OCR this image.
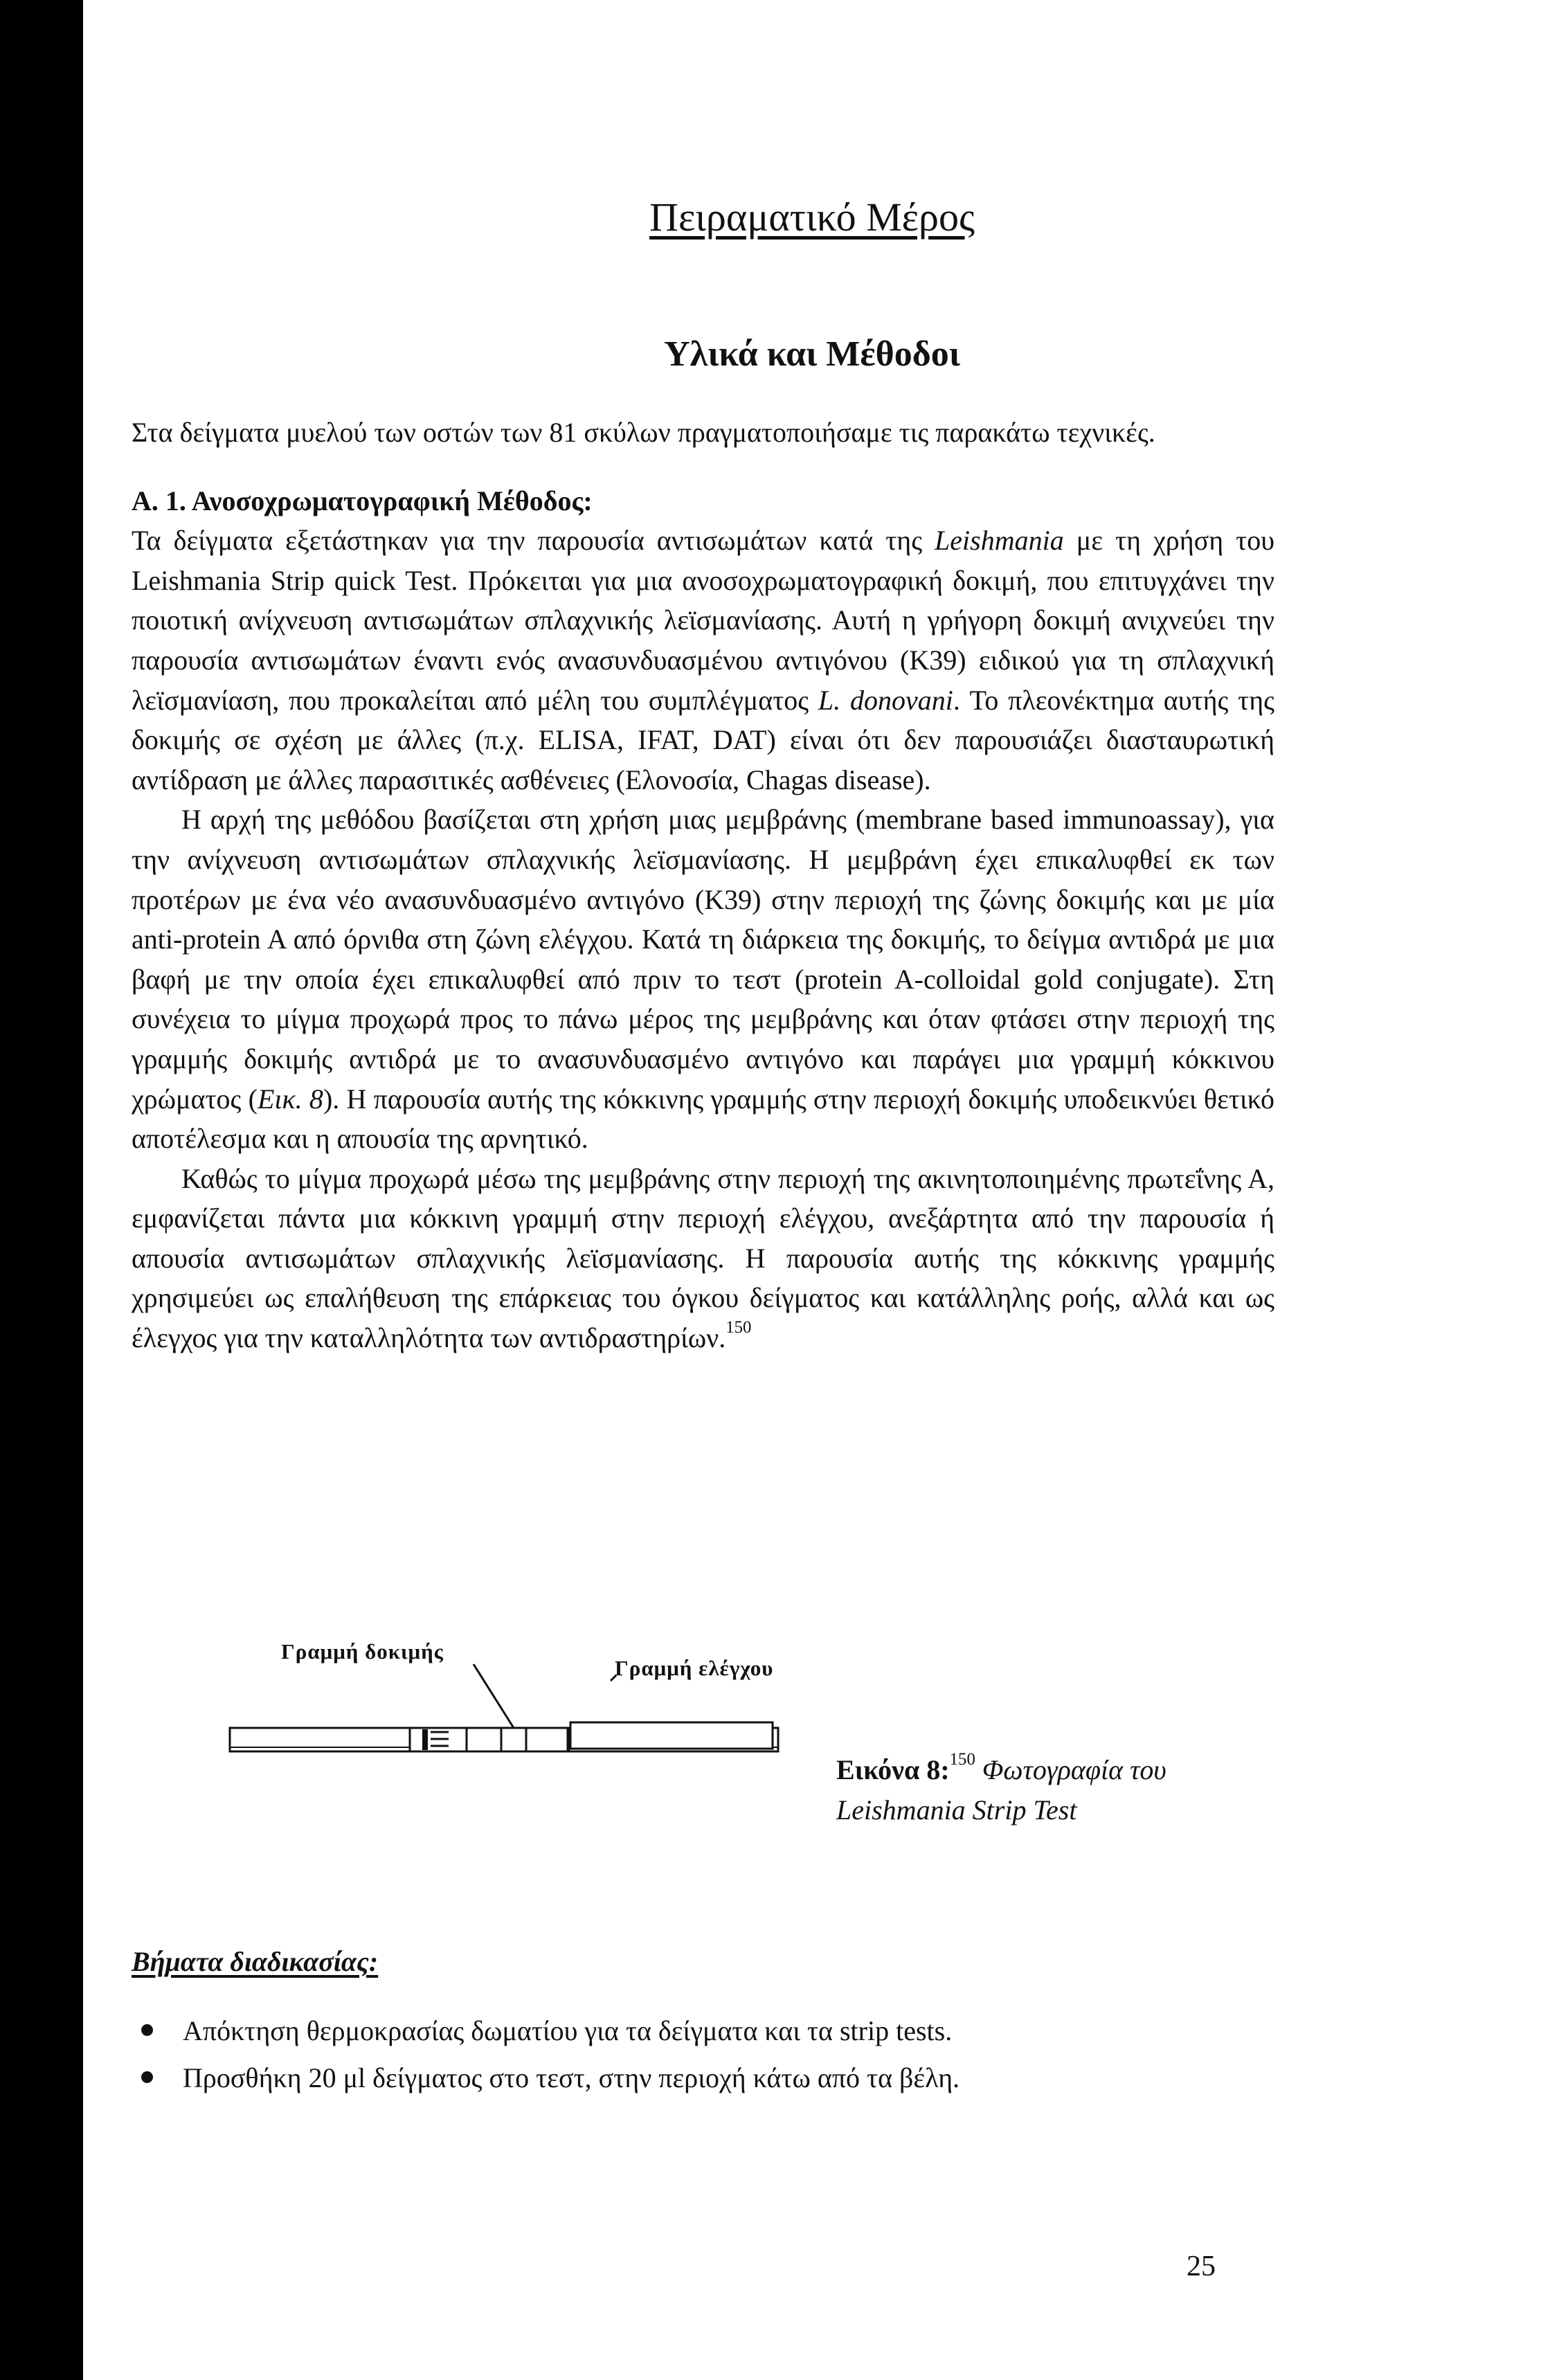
Πειραματικό Μέρος
Υλικά και Μέθοδοι

Στα δείγματα μυελού των οστών των 81 σκύλων πραγματοποιήσαμε τις παρακάτω τεχνικές.

Α. 1. Ανοσοχρωματογραφική Μέθοδος:

Τα δείγματα εξετάστηκαν για την παρουσία αντισωμάτων κατά της Leishmania με τη χρήση του Leishmania Strip quick Test. Πρόκειται για μια ανοσοχρωματογραφική δοκιμή, που επιτυγχάνει την ποιοτική ανίχνευση αντισωμάτων σπλαχνικής λεϊσμανίασης. Αυτή η γρήγορη δοκιμή ανιχνεύει την παρουσία αντισωμάτων έναντι ενός ανασυνδυασμένου αντιγόνου (K39) ειδικού για τη σπλαχνική λεϊσμανίαση, που προκαλείται από μέλη του συμπλέγματος L. donovani. Το πλεονέκτημα αυτής της δοκιμής σε σχέση με άλλες (π.χ. ELISA, IFAT, DAT) είναι ότι δεν παρουσιάζει διασταυρωτική αντίδραση με άλλες παρασιτικές ασθένειες (Ελονοσία, Chagas disease).

Η αρχή της μεθόδου βασίζεται στη χρήση μιας μεμβράνης (membrane based immunoassay), για την ανίχνευση αντισωμάτων σπλαχνικής λεϊσμανίασης. Η μεμβράνη έχει επικαλυφθεί εκ των προτέρων με ένα νέο ανασυνδυασμένο αντιγόνο (K39) στην περιοχή της ζώνης δοκιμής και με μία anti-protein A από όρνιθα στη ζώνη ελέγχου. Κατά τη διάρκεια της δοκιμής, το δείγμα αντιδρά με μια βαφή με την οποία έχει επικαλυφθεί από πριν το τεστ (protein A-colloidal gold conjugate). Στη συνέχεια το μίγμα προχωρά προς το πάνω μέρος της μεμβράνης και όταν φτάσει στην περιοχή της γραμμής δοκιμής αντιδρά με το ανασυνδυασμένο αντιγόνο και παράγει μια γραμμή κόκκινου χρώματος (Εικ. 8). Η παρουσία αυτής της κόκκινης γραμμής στην περιοχή δοκιμής υποδεικνύει θετικό αποτέλεσμα και η απουσία της αρνητικό.

Καθώς το μίγμα προχωρά μέσω της μεμβράνης στην περιοχή της ακινητοποιημένης πρωτεΐνης Α, εμφανίζεται πάντα μια κόκκινη γραμμή στην περιοχή ελέγχου, ανεξάρτητα από την παρουσία ή απουσία αντισωμάτων σπλαχνικής λεϊσμανίασης. Η παρουσία αυτής της κόκκινης γραμμής χρησιμεύει ως επαλήθευση της επάρκειας του όγκου δείγματος και κατάλληλης ροής, αλλά και ως έλεγχος για την καταλληλότητα των αντιδραστηρίων.$^{150}$

Γραμμή δοκιμής
Γραμμή ελέγχου
Εικόνα 8:$^{150}$ Φωτογραφία του
Leishmania Strip Test
Βήματα διαδικασίας:
Απόκτηση θερμοκρασίας δωματίου για τα δείγματα και τα strip tests.
Προσθήκη 20 μl δείγματος στο τεστ, στην περιοχή κάτω από τα βέλη.
25
